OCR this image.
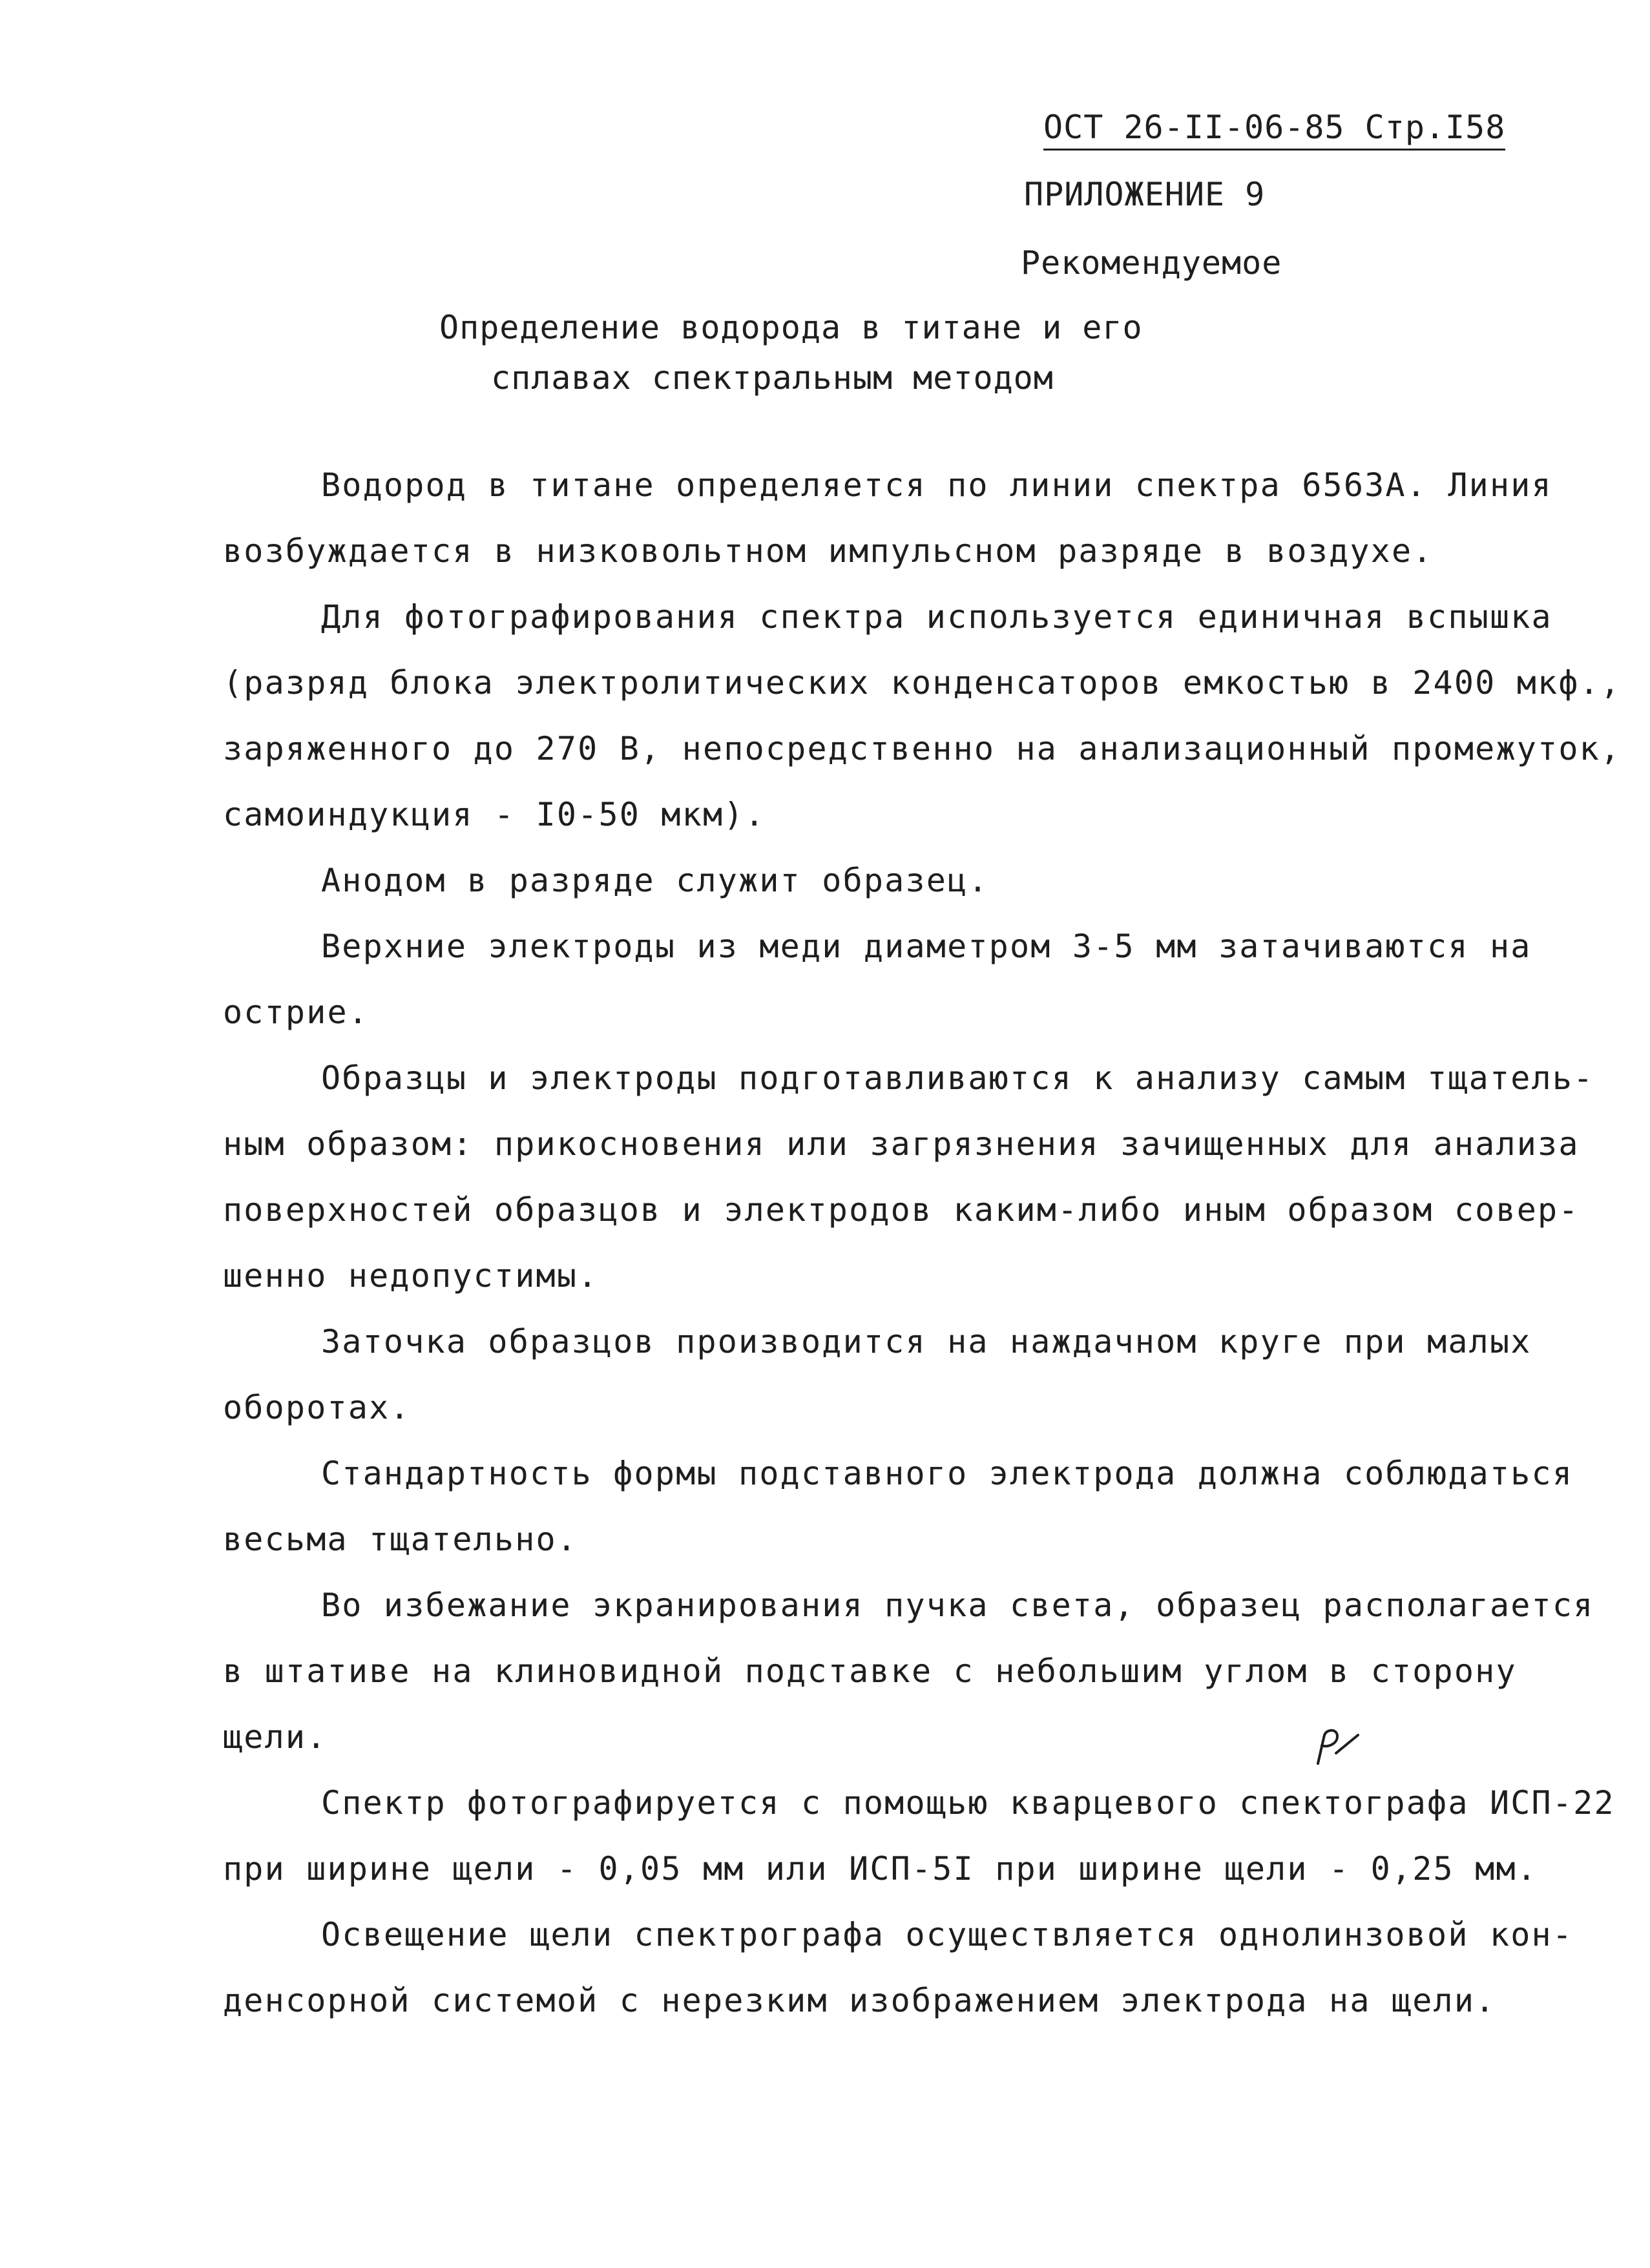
ОСТ 26-II-06-85 Стр.I58
ПРИЛОЖЕНИЕ 9
Рекомендуемое
Определение водорода в титане и его
сплавах спектральным методом
Водород в титане определяется по линии спектра 6563А. Линия
возбуждается в низковольтном импульсном разряде в воздухе.
Для фотографирования спектра используется единичная вспышка
(разряд блока электролитических конденсаторов емкостью в 2400 мкф.,
заряженного до 270 В, непосредственно на анализационный промежуток,
самоиндукция - I0-50 мкм).
Анодом в разряде служит образец.
Верхние электроды из меди диаметром 3-5 мм затачиваются на
острие.
Образцы и электроды подготавливаются к анализу самым тщатель-
ным образом: прикосновения или загрязнения зачищенных для анализа
поверхностей образцов и электродов каким-либо иным образом совер-
шенно недопустимы.
Заточка образцов производится на наждачном круге при малых
оборотах.
Стандартность формы подставного электрода должна соблюдаться
весьма тщательно.
Во избежание экранирования пучка света, образец располагается
в штативе на клиновидной подставке с небольшим углом в сторону
щели.
Спектр фотографируется с помощью кварцевого спектографа ИСП-22
при ширине щели - 0,05 мм или ИСП-5I при ширине щели - 0,25 мм.
Освещение щели спектрографа осуществляется однолинзовой кон-
денсорной системой с нерезким изображением электрода на щели.
